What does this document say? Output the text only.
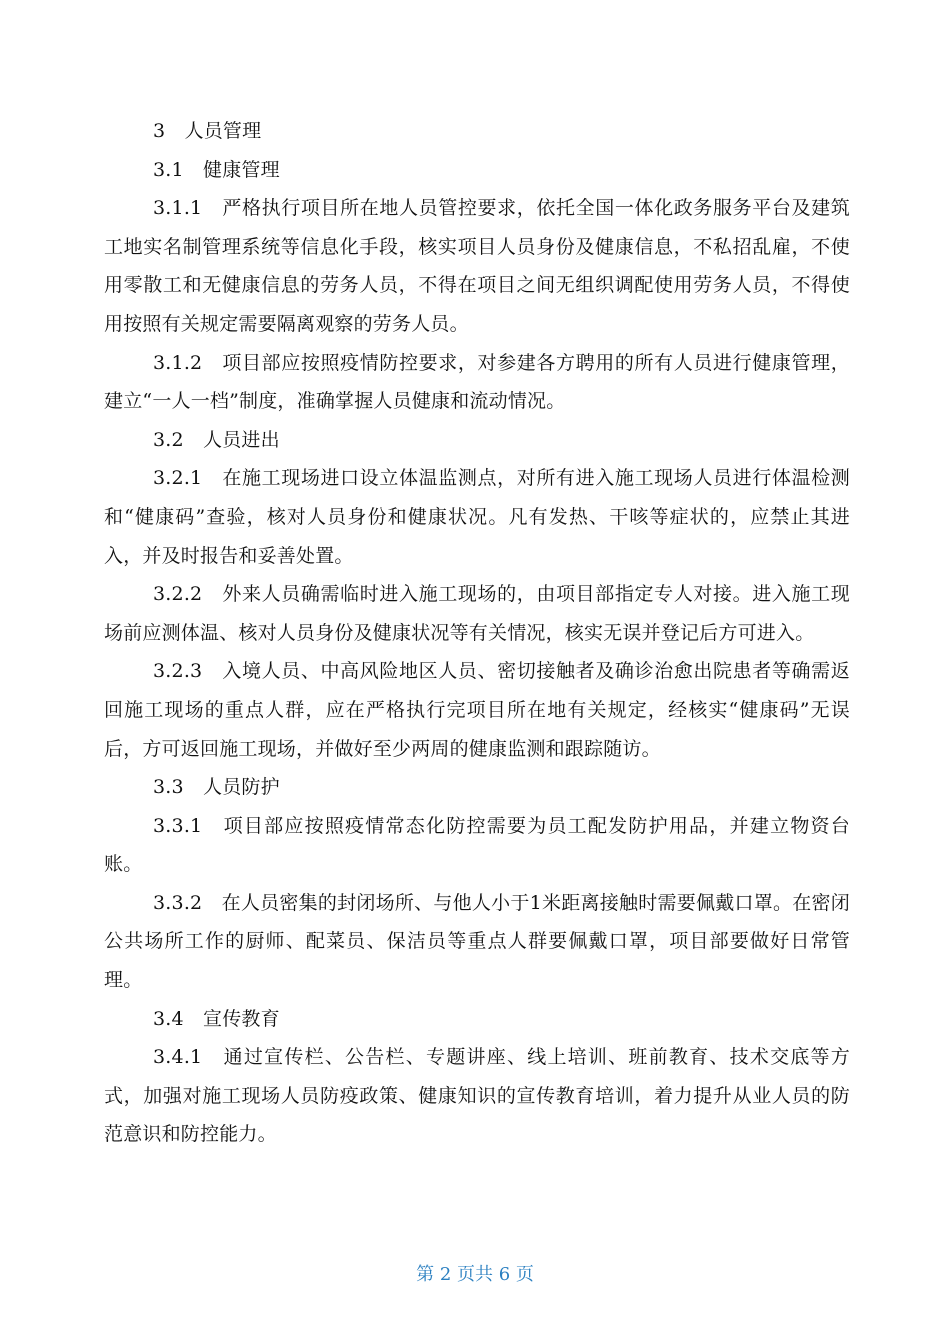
3　人员管理

3.1　健康管理

3.1.1　严格执行项目所在地人员管控要求，依托全国一体化政务服务平台及建筑工地实名制管理系统等信息化手段，核实项目人员身份及健康信息，不私招乱雇，不使用零散工和无健康信息的劳务人员，不得在项目之间无组织调配使用劳务人员，不得使用按照有关规定需要隔离观察的劳务人员。

3.1.2　项目部应按照疫情防控要求，对参建各方聘用的所有人员进行健康管理，建立“一人一档”制度，准确掌握人员健康和流动情况。

3.2　人员进出

3.2.1　在施工现场进口设立体温监测点，对所有进入施工现场人员进行体温检测和“健康码”查验，核对人员身份和健康状况。凡有发热、干咳等症状的，应禁止其进入，并及时报告和妥善处置。

3.2.2　外来人员确需临时进入施工现场的，由项目部指定专人对接。进入施工现场前应测体温、核对人员身份及健康状况等有关情况，核实无误并登记后方可进入。

3.2.3　入境人员、中高风险地区人员、密切接触者及确诊治愈出院患者等确需返回施工现场的重点人群，应在严格执行完项目所在地有关规定，经核实“健康码”无误后，方可返回施工现场，并做好至少两周的健康监测和跟踪随访。

3.3　人员防护

3.3.1　项目部应按照疫情常态化防控需要为员工配发防护用品，并建立物资台账。

3.3.2　在人员密集的封闭场所、与他人小于1米距离接触时需要佩戴口罩。在密闭公共场所工作的厨师、配菜员、保洁员等重点人群要佩戴口罩，项目部要做好日常管理。

3.4　宣传教育

3.4.1　通过宣传栏、公告栏、专题讲座、线上培训、班前教育、技术交底等方式，加强对施工现场人员防疫政策、健康知识的宣传教育培训，着力提升从业人员的防范意识和防控能力。

第 2 页共 6 页
